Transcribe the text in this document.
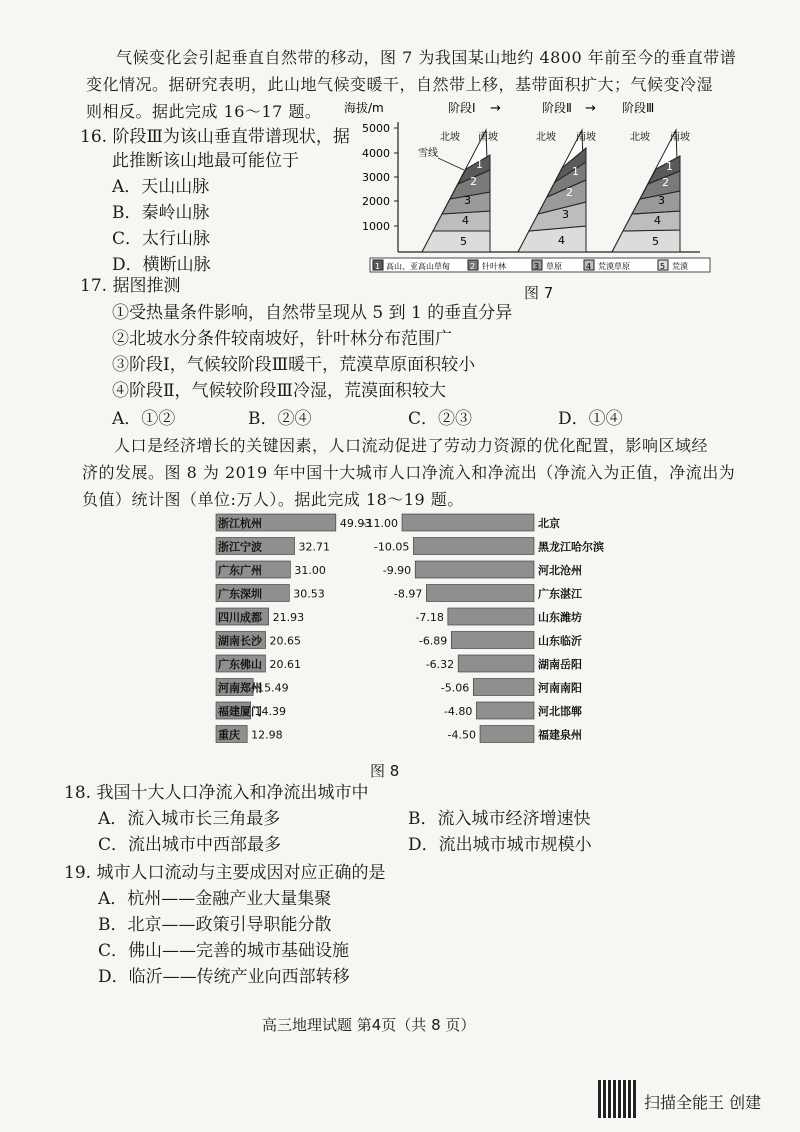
气候变化会引起垂直自然带的移动，图 7 为我国某山地约 4800 年前至今的垂直带谱
变化情况。据研究表明，此山地气候变暖干，自然带上移，基带面积扩大；气候变冷湿
则相反。据此完成 16～17 题。
16. 阶段Ⅲ为该山垂直带谱现状，据
此推断该山地最可能位于
A．天山山脉
B．秦岭山脉
C．太行山脉
D．横断山脉
海拔/m	阶段Ⅰ →	阶段Ⅱ → 阶段Ⅲ
5000
4000
3000
2000
1000
5
4
3
2
1
北坡 南坡
雪线
4
3
2
1
北坡 南坡
5
4
3
2
1
北坡 南坡
1 高山、亚高山草甸	2 针叶林	3 草原	4 荒漠草原	5 荒漠
图 7
17. 据图推测
①受热量条件影响，自然带呈现从 5 到 1 的垂直分异
②北坡水分条件较南坡好，针叶林分布范围广
③阶段Ⅰ，气候较阶段Ⅲ暖干，荒漠草原面积较小
④阶段Ⅱ，气候较阶段Ⅲ冷湿，荒漠面积较大
A．①②	B．②④	C．②③	D．①④
人口是经济增长的关键因素，人口流动促进了劳动力资源的优化配置，影响区域经
济的发展。图 8 为 2019 年中国十大城市人口净流入和净流出（净流入为正值，净流出为
负值）统计图（单位:万人）。据此完成 18～19 题。
浙江杭州	49.93
浙江宁波	32.71
广东广州	31.00
广东深圳	30.53
四川成都 21.93
湖南长沙 20.65
广东佛山 20.61
河南郑州
15.49
福建厦门
14.39
重庆 12.98
-11.00	北京
-10.05	黑龙江哈尔滨
-9.90	河北沧州
-8.97	广东湛江
-7.18	山东潍坊
-6.89	山东临沂
-6.32	湖南岳阳
-5.06	河南南阳
-4.80	河北邯郸
-4.50	福建泉州
图 8
18. 我国十大人口净流入和净流出城市中
A．流入城市长三角最多	B．流入城市经济增速快
C．流出城市中西部最多	D．流出城市城市规模小
19. 城市人口流动与主要成因对应正确的是
A．杭州——金融产业大量集聚
B．北京——政策引导职能分散
C．佛山——完善的城市基础设施
D．临沂——传统产业向西部转移
高三地理试题 第4页（共 8 页）
扫描全能王 创建
